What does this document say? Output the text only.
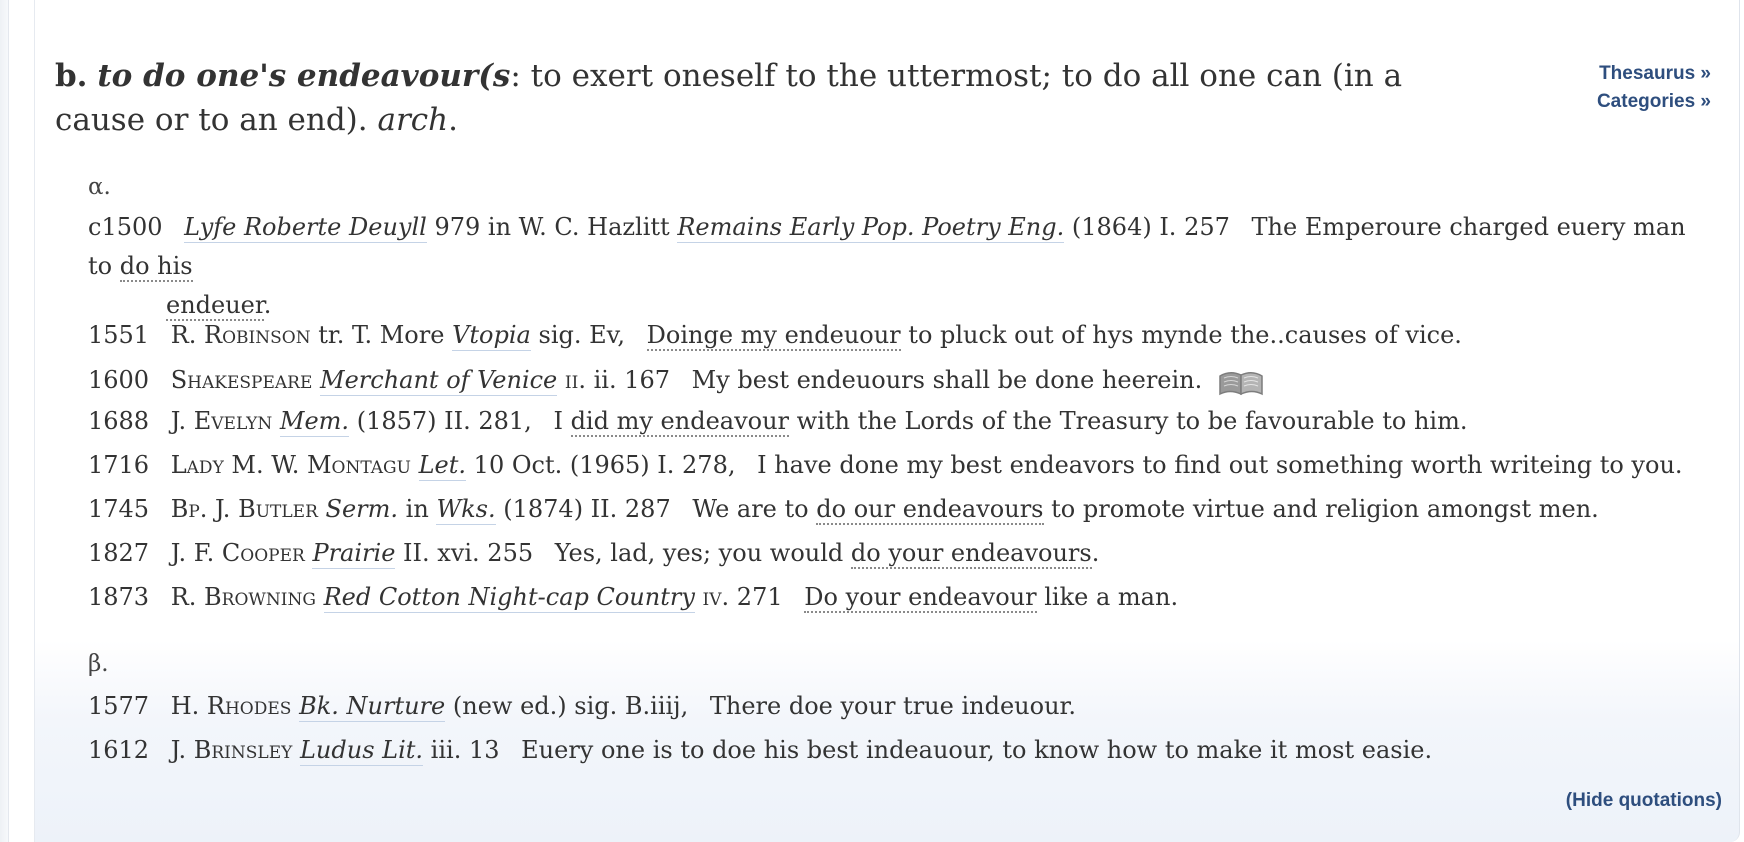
b. to do one's endeavour(s: to exert oneself to the uttermost; to do all one can (in a cause or to an end). arch.
Thesaurus »
Categories »
α.
c1500 Lyfe Roberte Deuyll 979 in W. C. Hazlitt Remains Early Pop. Poetry Eng. (1864) I. 257 The Emperoure charged euery man to do his
endeuer.
1551 R. Robinson tr. T. More Vtopia sig. Ev, Doinge my endeuour to pluck out of hys mynde the..causes of vice.
1600 Shakespeare Merchant of Venice ii. ii. 167 My best endeuours shall be done heerein.
1688 J. Evelyn Mem. (1857) II. 281, I did my endeavour with the Lords of the Treasury to be favourable to him.
1716 Lady M. W. Montagu Let. 10 Oct. (1965) I. 278, I have done my best endeavors to find out something worth writeing to you.
1745 Bp. J. Butler Serm. in Wks. (1874) II. 287 We are to do our endeavours to promote virtue and religion amongst men.
1827 J. F. Cooper Prairie II. xvi. 255 Yes, lad, yes; you would do your endeavours.
1873 R. Browning Red Cotton Night-cap Country iv. 271 Do your endeavour like a man.
β.
1577 H. Rhodes Bk. Nurture (new ed.) sig. B.iiij, There doe your true indeuour.
1612 J. Brinsley Ludus Lit. iii. 13 Euery one is to doe his best indeauour, to know how to make it most easie.
(Hide quotations)
